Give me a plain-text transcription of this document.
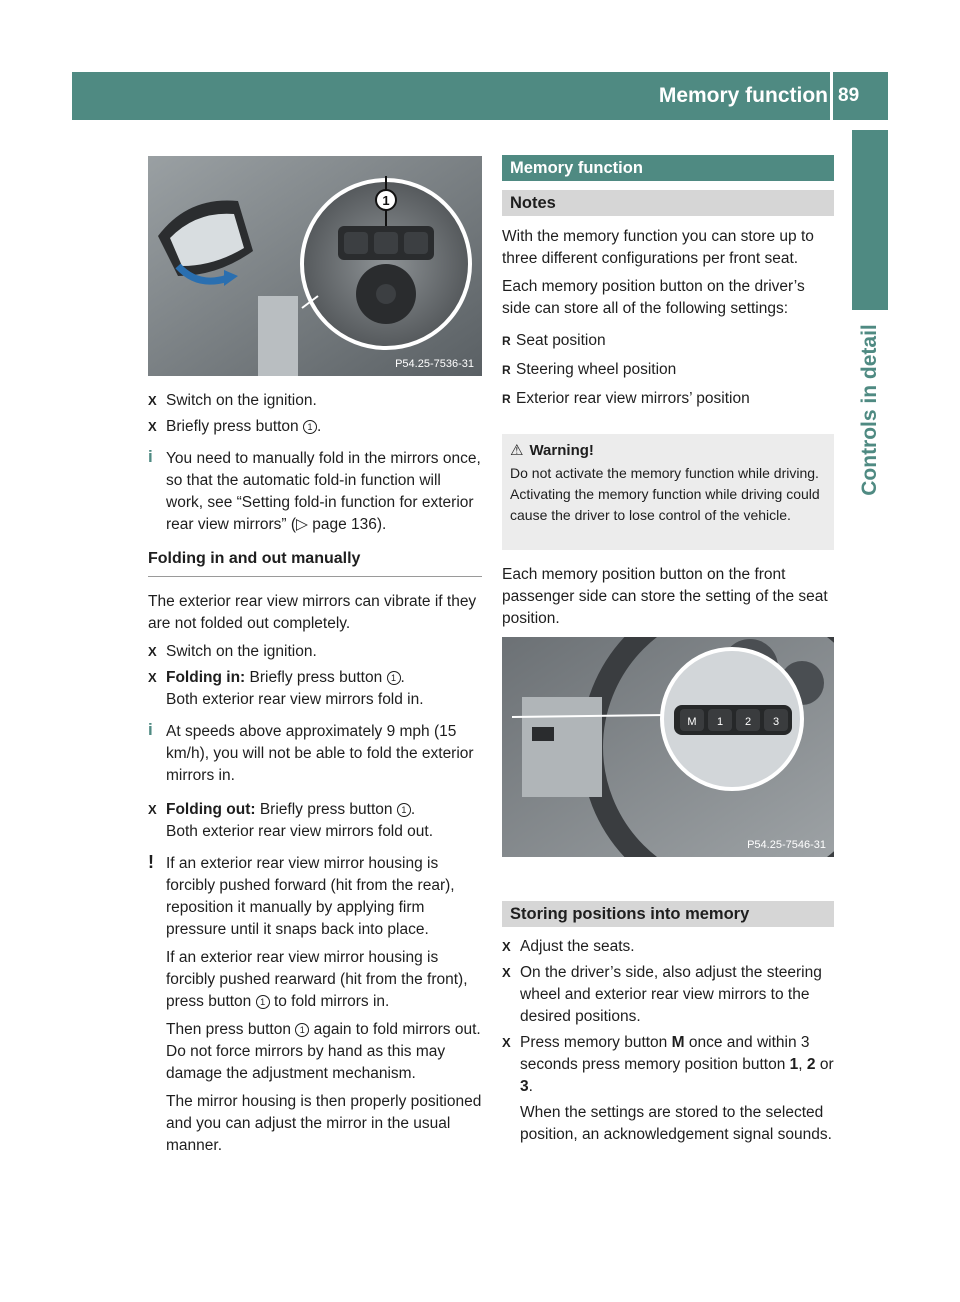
Memory function 89
Controls in detail
1
P54.25-7536-31
X Switch on the ignition.
X Briefly press button 1 .
i You need to manually fold in the mirrors once, so that the automatic fold-in function will work, see “Setting fold-in function for exterior rear view mirrors” (▷ page 136).

Folding in and out manually
The exterior rear view mirrors can vibrate if they are not folded out completely.
X Switch on the ignition.
X Folding in: Briefly press button 1 .
Both exterior rear view mirrors fold in.
i At speeds above approximately 9 mph (15 km/h), you will not be able to fold the exterior mirrors in.

X Folding out: Briefly press button 1 .
Both exterior rear view mirrors fold out.
! If an exterior rear view mirror housing is forcibly pushed forward (hit from the rear), reposition it manually by applying firm pressure until it snaps back into place.

If an exterior rear view mirror housing is forcibly pushed rearward (hit from the front), press button 1 to fold mirrors in.

Then press button 1 again to fold mirrors out. Do not force mirrors by hand as this may damage the adjustment mechanism.

The mirror housing is then properly positioned and you can adjust the mirror in the usual manner.

Memory function
Notes
With the memory function you can store up to three different configurations per front seat.
Each memory position button on the driver’s side can store all of the following settings:
R Seat position
R Steering wheel position
R Exterior rear view mirrors’ position
⚠ Warning!
Do not activate the memory function while driving. Activating the memory function while driving could cause the driver to lose control of the vehicle.
Each memory position button on the front passenger side can store the setting of the seat position.
M 1 2 3
P54.25-7546-31
Storing positions into memory
X Adjust the seats.
X On the driver’s side, also adjust the steering wheel and exterior rear view mirrors to the desired positions.
X Press memory button M once and within 3 seconds press memory position button 1, 2 or 3.
When the settings are stored to the selected position, an acknowledgement signal sounds.
